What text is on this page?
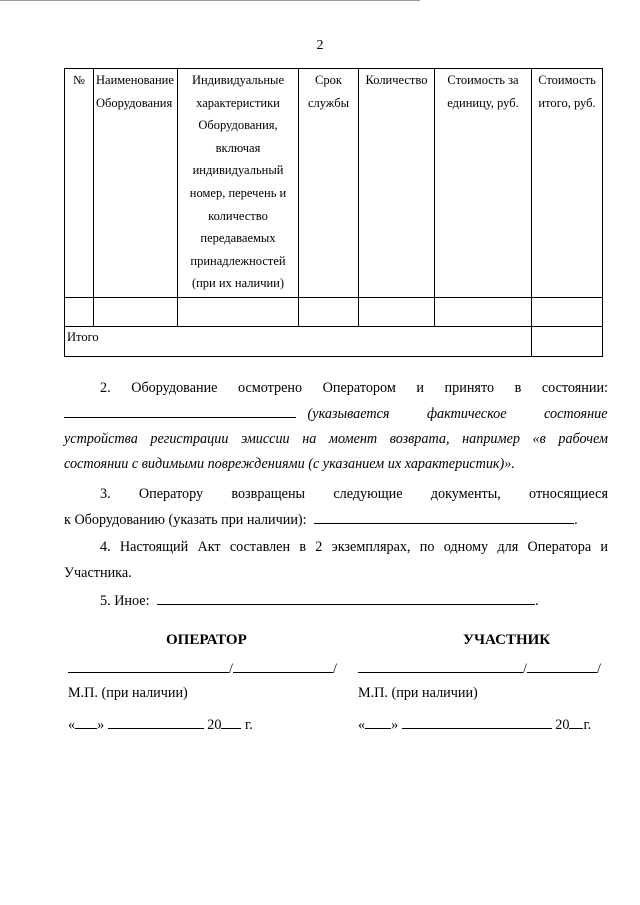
2
№	Наименование Оборудования	Индивидуальные характеристики Оборудования, включая индивидуальный номер, перечень и количество передаваемых принадлежностей (при их наличии)	Срок службы	Количество	Стоимость за единицу, руб.	Стоимость итого, руб.

Итого						
2. Оборудование осмотрено Оператором и принято в состоянии:
(указывается фактическое состояние
устройства регистрации эмиссии на момент возврата, например «в рабочем
состоянии с видимыми повреждениями (с указанием их характеристик)».
3. Оператору возвращены следующие документы, относящиеся
к Оборудованию (указать при наличии):	.
4. Настоящий Акт составлен в 2 экземплярах, по одному для Оператора и
Участника.
5. Иное:	.
ОПЕРАТОР
/	/
М.П. (при наличии)
« »	20 г.
УЧАСТНИК
/	/
М.П. (при наличии)
« »	20 г.
